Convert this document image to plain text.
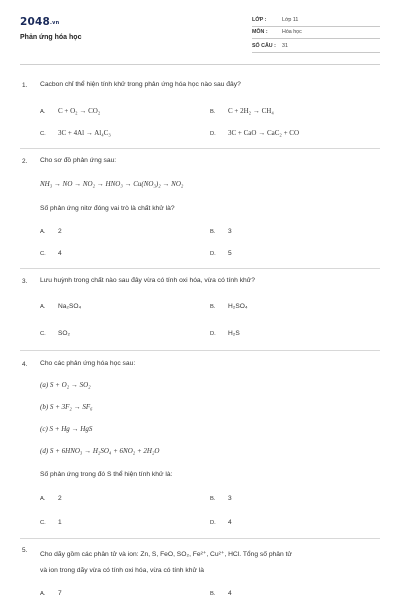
2048.vn
Phản ứng hóa học
LỚP :	Lớp 11
MÔN :	Hóa học
SỐ CÂU : 31
1. Cacbon chỉ thể hiện tính khử trong phản ứng hóa học nào sau đây?
A. C + O₂ → CO₂	B. C + 2H₂ → CH₄
C. 3C + 4Al → Al₄C₃	D. 3C + CaO → CaC₂ + CO
2. Cho sơ đồ phản ứng sau:
NH₃ → NO → NO₂ → HNO₃ → Cu(NO₃)₂ → NO₂
Số phản ứng nitơ đóng vai trò là chất khử là?
A. 2	B. 3
C. 4	D. 5
3. Lưu huỳnh trong chất nào sau đây vừa có tính oxi hóa, vừa có tính khử?
A. Na₂SO₄	B. H₂SO₄
C. SO₂	D. H₂S
4. Cho các phản ứng hóa học sau:
(a) S + O₂ → SO₂
(b) S + 3F₂ → SF₆
(c) S + Hg → HgS
(d) S + 6HNO₃ → H₂SO₄ + 6NO₂ + 2H₂O
Số phản ứng trong đó S thể hiện tính khử là:
A. 2	B. 3
C. 1	D. 4
5.
Cho dãy gồm các phân tử và ion: Zn, S, FeO, SO₂, Fe²⁺, Cu²⁺, HCl. Tổng số phân tử
và ion trong dãy vừa có tính oxi hóa, vừa có tính khử là
A. 7	B. 4
